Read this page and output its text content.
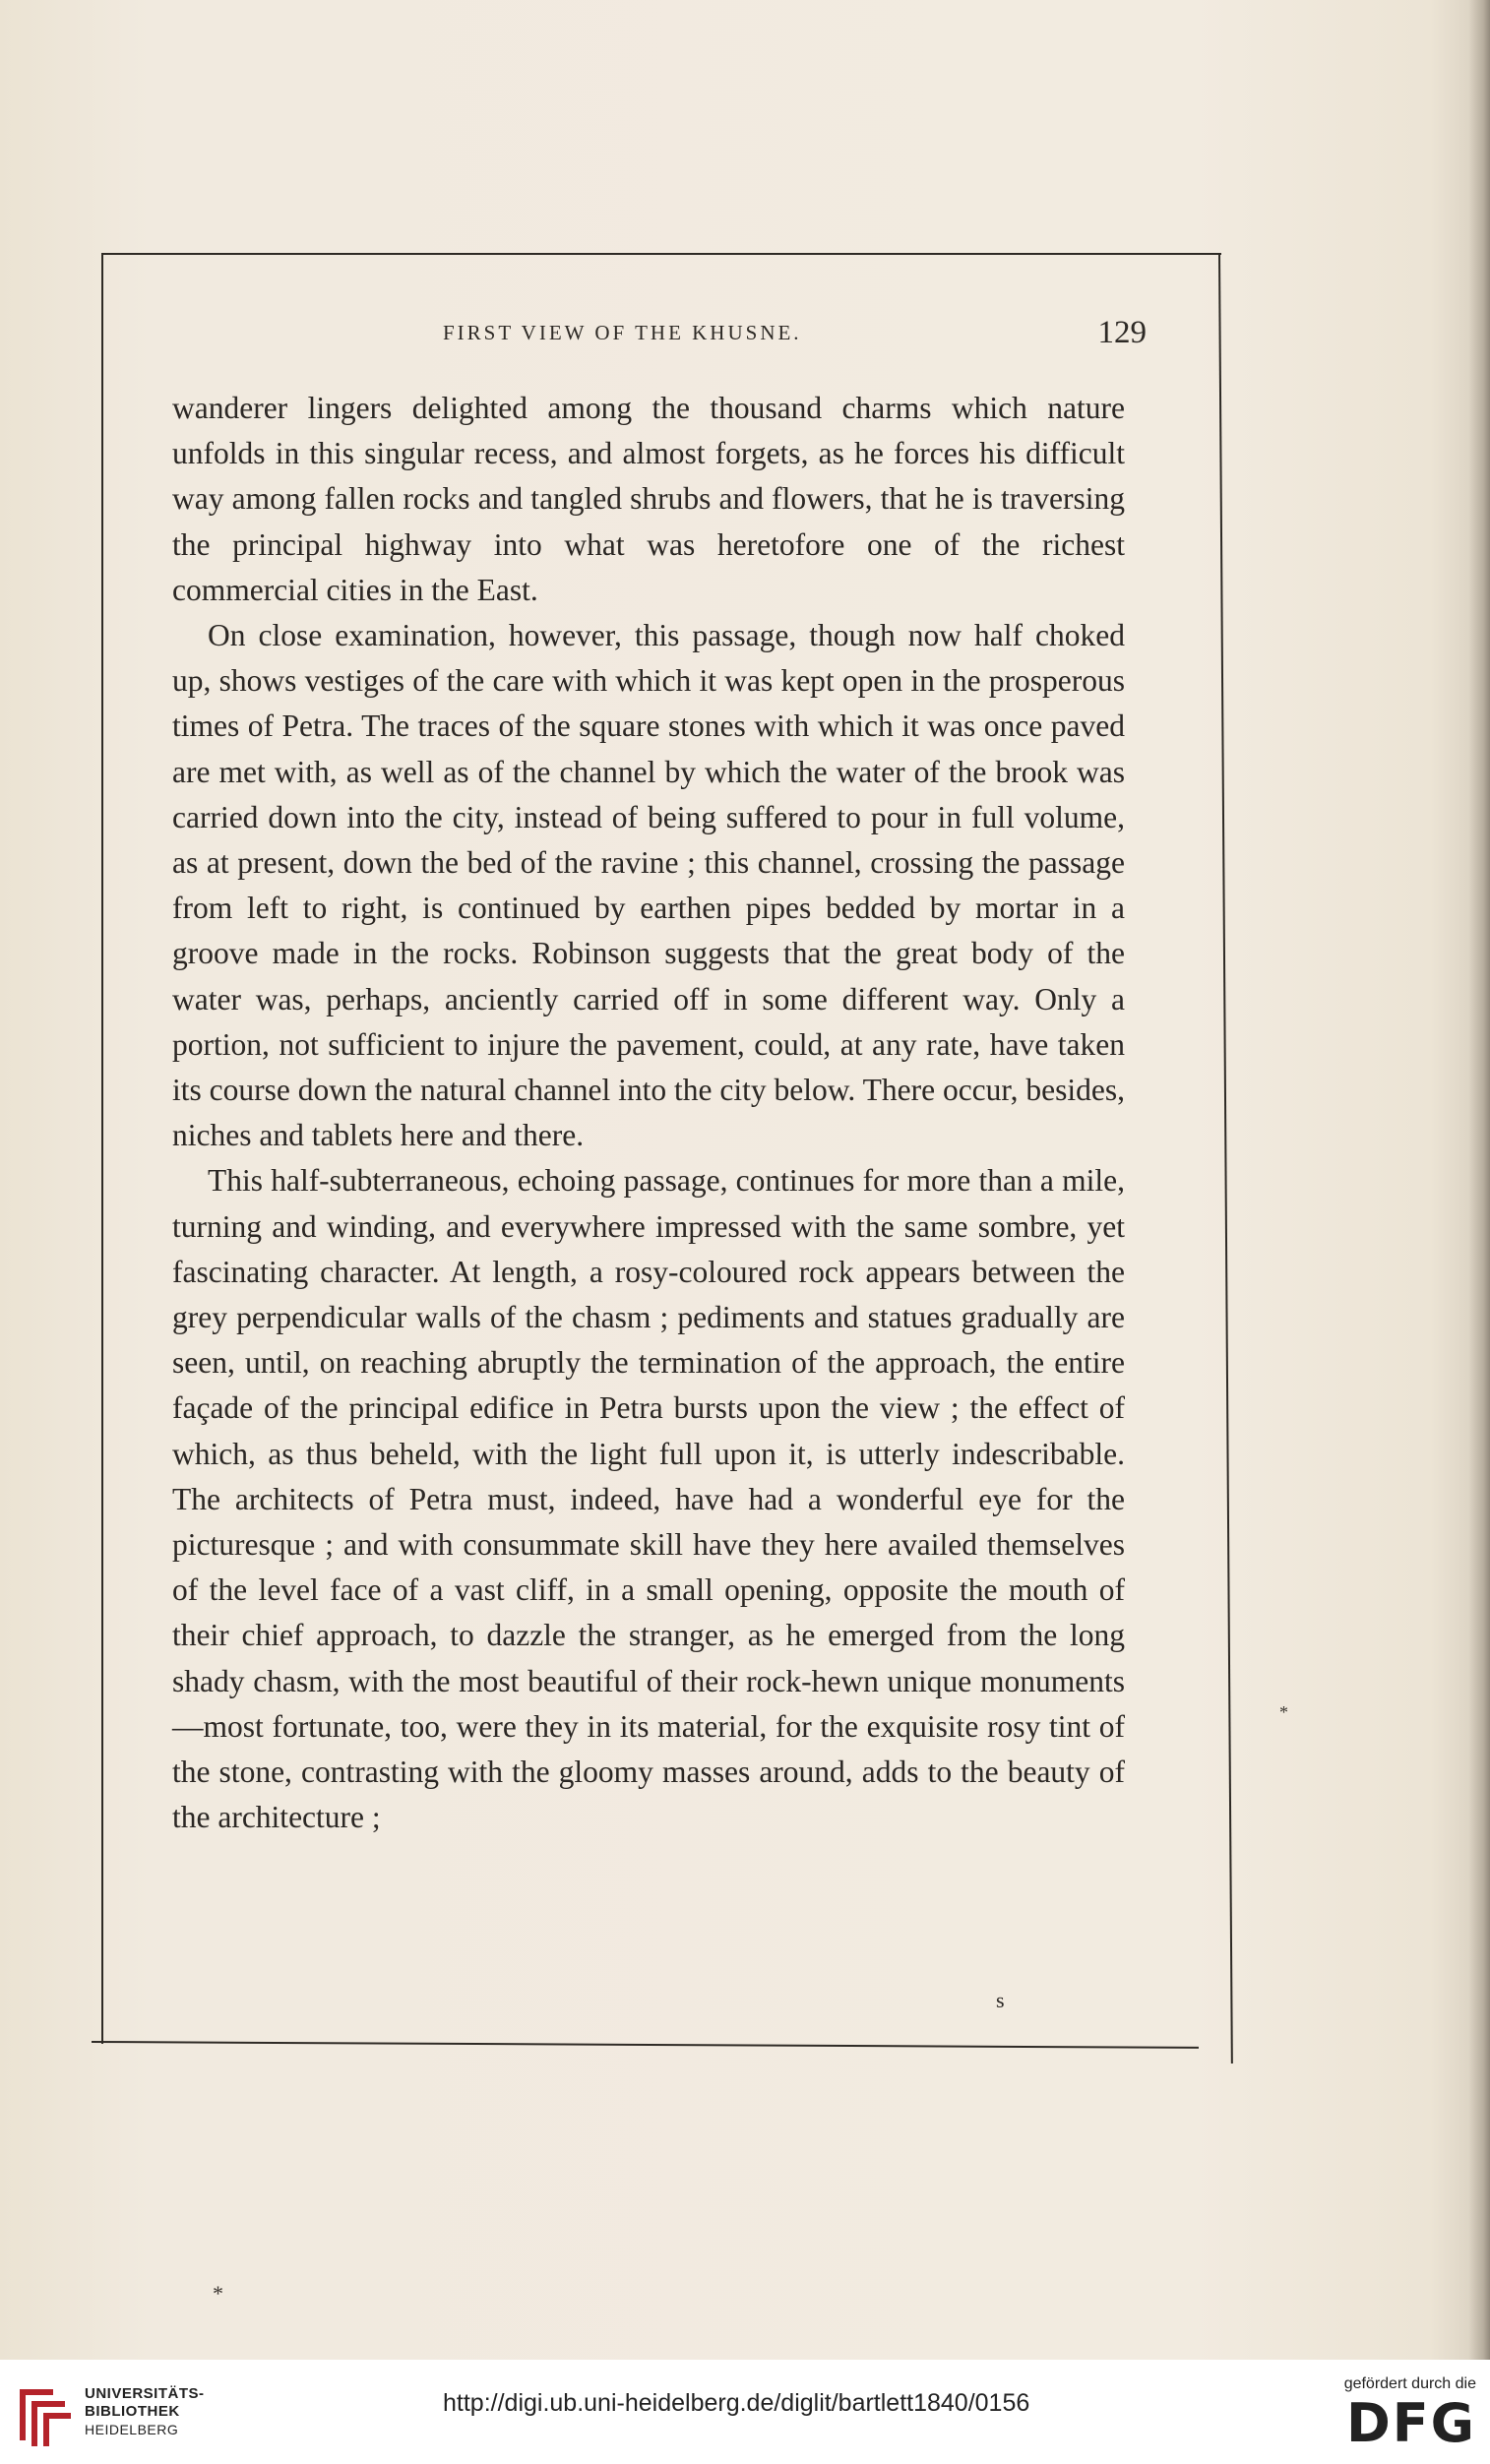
FIRST VIEW OF THE KHUSNE.	129

wanderer lingers delighted among the thousand charms which nature unfolds in this singular recess, and almost forgets, as he forces his difficult way among fallen rocks and tangled shrubs and flowers, that he is traversing the principal highway into what was heretofore one of the richest commercial cities in the East.

On close examination, however, this passage, though now half choked up, shows vestiges of the care with which it was kept open in the prosperous times of Petra. The traces of the square stones with which it was once paved are met with, as well as of the channel by which the water of the brook was carried down into the city, instead of being suffered to pour in full volume, as at present, down the bed of the ravine ; this channel, crossing the passage from left to right, is continued by earthen pipes bedded by mortar in a groove made in the rocks. Robinson suggests that the great body of the water was, perhaps, anciently carried off in some different way. Only a portion, not sufficient to injure the pavement, could, at any rate, have taken its course down the natural channel into the city below. There occur, besides, niches and tablets here and there.

This half-subterraneous, echoing passage, continues for more than a mile, turning and winding, and everywhere impressed with the same sombre, yet fascinating character. At length, a rosy-coloured rock appears between the grey perpendicular walls of the chasm ; pediments and statues gradually are seen, until, on reaching abruptly the termination of the approach, the entire façade of the principal edifice in Petra bursts upon the view ; the effect of which, as thus beheld, with the light full upon it, is utterly indescribable. The architects of Petra must, indeed, have had a wonderful eye for the picturesque ; and with consummate skill have they here availed themselves of the level face of a vast cliff, in a small opening, opposite the mouth of their chief approach, to dazzle the stranger, as he emerged from the long shady chasm, with the most beautiful of their rock-hewn unique monuments—most fortunate, too, were they in its material, for the exquisite rosy tint of the stone, contrasting with the gloomy masses around, adds to the beauty of the architecture ;

s
*
*
UNIVERSITÄTS-
BIBLIOTHEK
HEIDELBERG
http://digi.ub.uni-heidelberg.de/diglit/bartlett1840/0156
gefördert durch die
DFG
